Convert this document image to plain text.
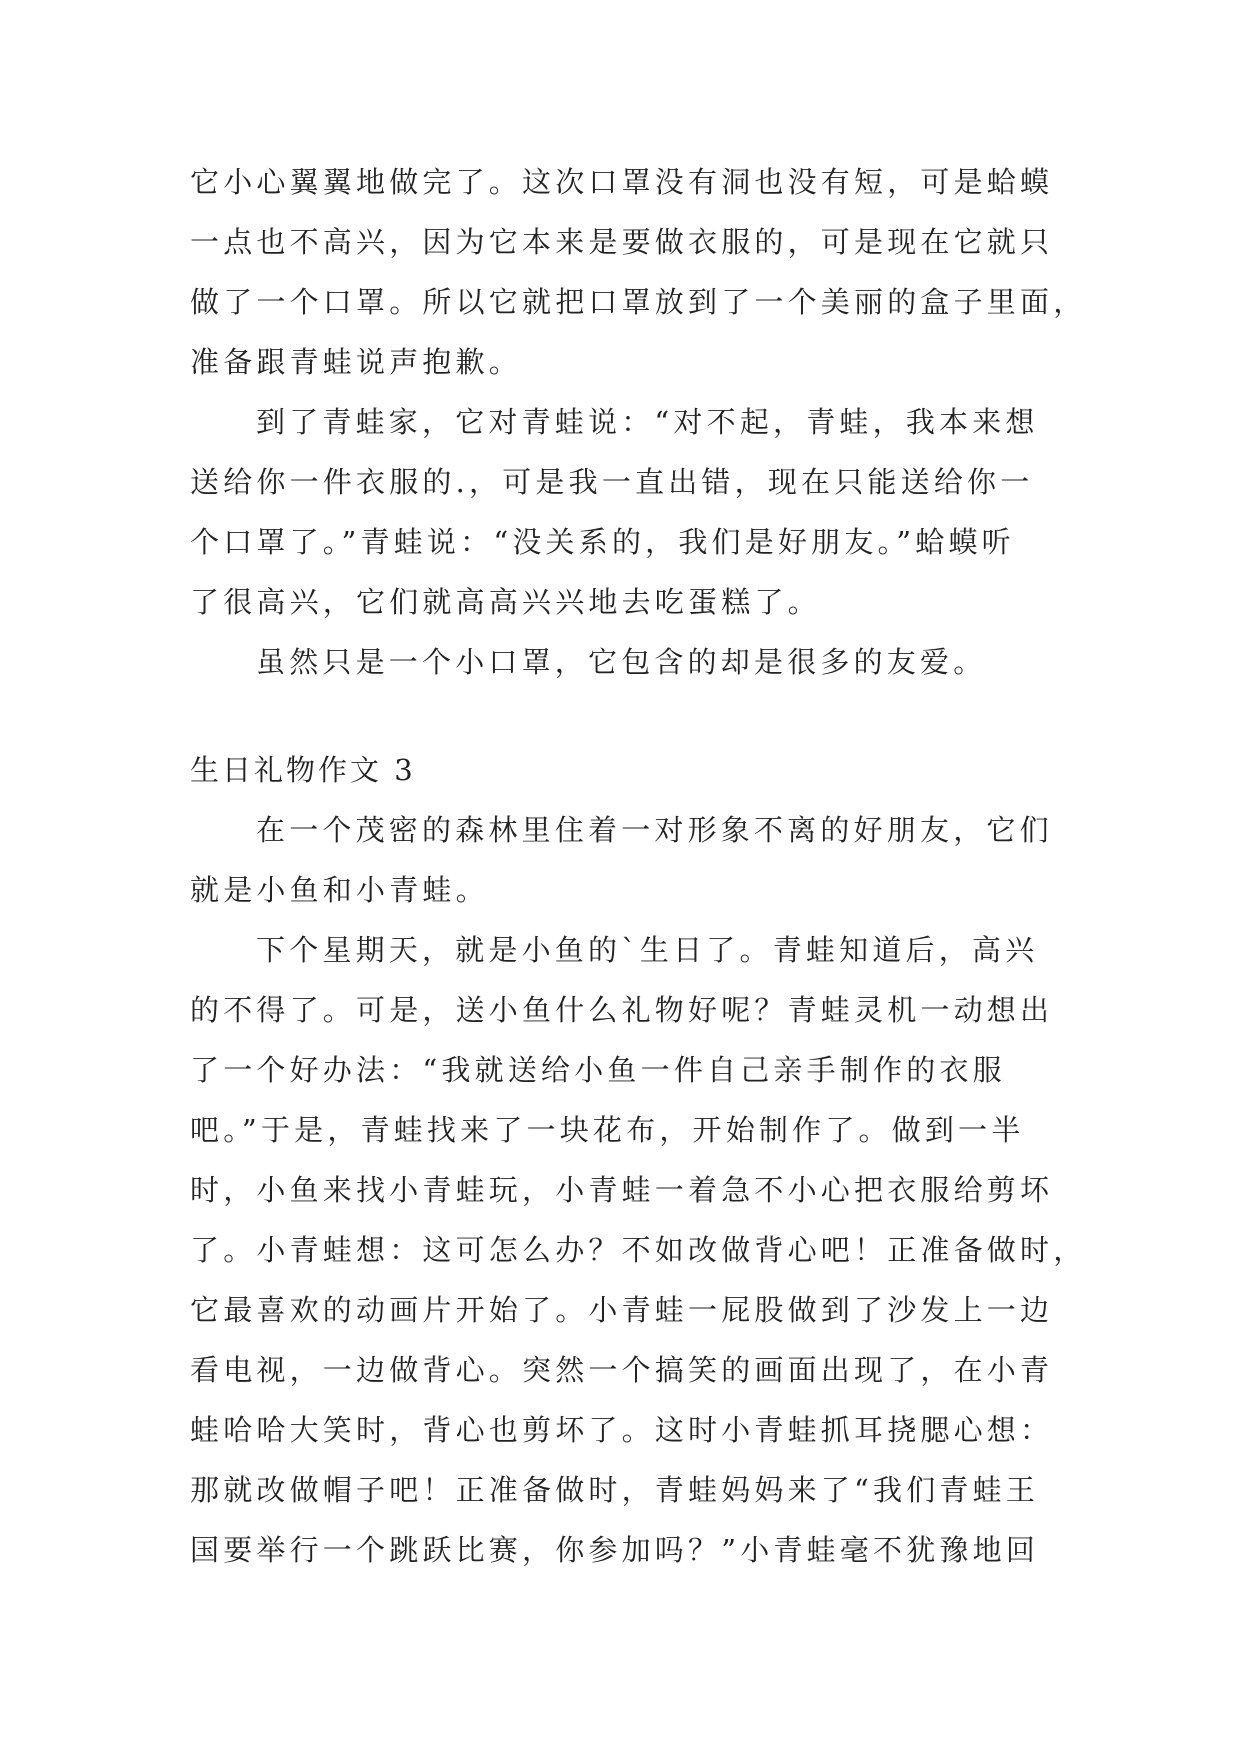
它小心翼翼地做完了。这次口罩没有洞也没有短，可是蛤蟆
一点也不高兴，因为它本来是要做衣服的，可是现在它就只
做了一个口罩。所以它就把口罩放到了一个美丽的盒子里面，
准备跟青蛙说声抱歉。
到了青蛙家，它对青蛙说：“对不起，青蛙，我本来想
送给你一件衣服的.，可是我一直出错，现在只能送给你一
个口罩了。”青蛙说：“没关系的，我们是好朋友。”蛤蟆听
了很高兴，它们就高高兴兴地去吃蛋糕了。
虽然只是一个小口罩，它包含的却是很多的友爱。
生日礼物作文 3
在一个茂密的森林里住着一对形象不离的好朋友，它们
就是小鱼和小青蛙。
下个星期天，就是小鱼的`生日了。青蛙知道后，高兴
的不得了。可是，送小鱼什么礼物好呢？青蛙灵机一动想出
了一个好办法：“我就送给小鱼一件自己亲手制作的衣服
吧。”于是，青蛙找来了一块花布，开始制作了。做到一半
时，小鱼来找小青蛙玩，小青蛙一着急不小心把衣服给剪坏
了。小青蛙想：这可怎么办？不如改做背心吧！正准备做时，
它最喜欢的动画片开始了。小青蛙一屁股做到了沙发上一边
看电视，一边做背心。突然一个搞笑的画面出现了，在小青
蛙哈哈大笑时，背心也剪坏了。这时小青蛙抓耳挠腮心想：
那就改做帽子吧！正准备做时，青蛙妈妈来了“我们青蛙王
国要举行一个跳跃比赛，你参加吗？”小青蛙毫不犹豫地回
